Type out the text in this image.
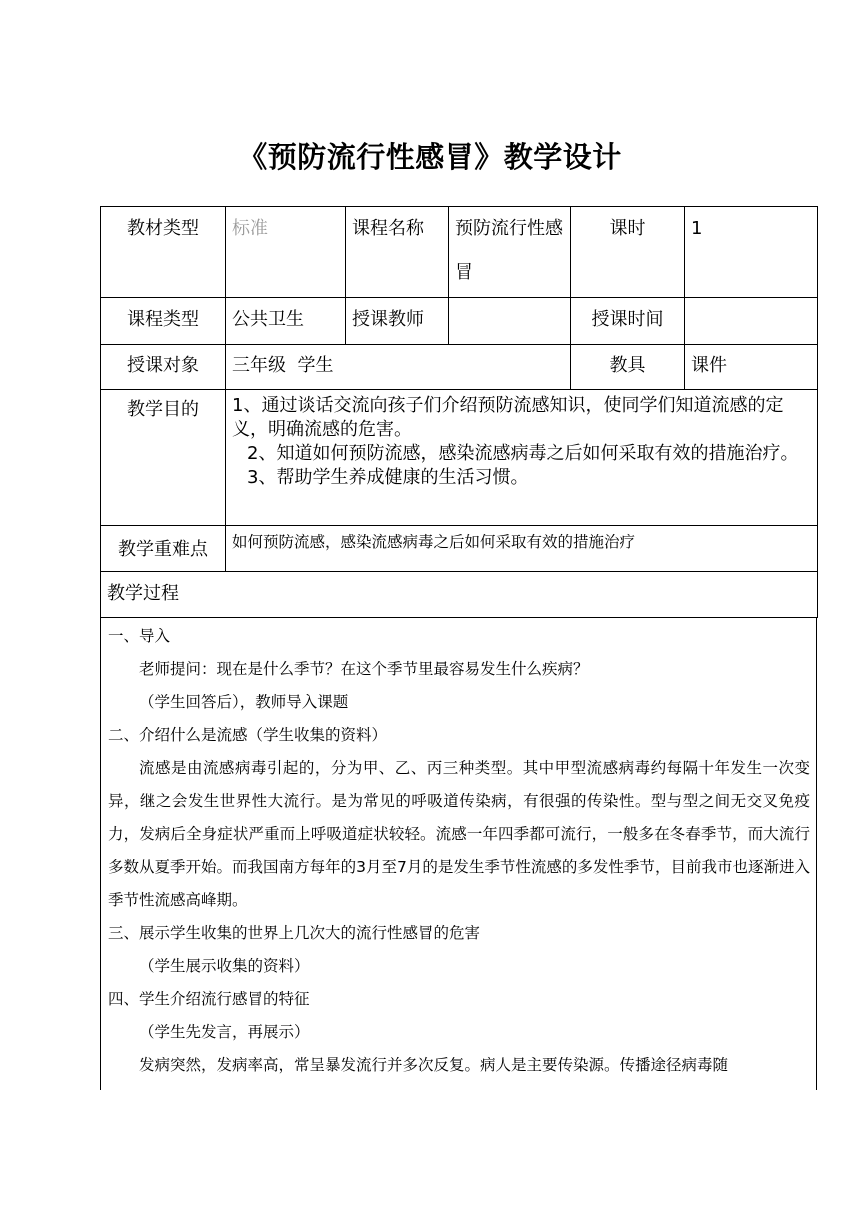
《预防流行性感冒》教学设计
教材类型	标准	课程名称	预防流行性感冒	课时	1
课程类型	公共卫生	授课教师		授课时间	
授课对象	三年级  学生			教具	课件
教学目的	1、通过谈话交流向孩子们介绍预防流感知识，使同学们知道流感的定义，明确流感的危害。
2、知道如何预防流感，感染流感病毒之后如何采取有效的措施治疗。
3、帮助学生养成健康的生活习惯。				

教学重难点	如何预防流感，感染流感病毒之后如何采取有效的措施治疗				
教学过程					

一、导入

老师提问：现在是什么季节？在这个季节里最容易发生什么疾病？

（学生回答后），教师导入课题

二、介绍什么是流感（学生收集的资料）

流感是由流感病毒引起的，分为甲、乙、丙三种类型。其中甲型流感病毒约每隔十年发生一次变异，继之会发生世界性大流行。是为常见的呼吸道传染病，有很强的传染性。型与型之间无交叉免疫力，发病后全身症状严重而上呼吸道症状较轻。流感一年四季都可流行，一般多在冬春季节，而大流行多数从夏季开始。而我国南方每年的3月至7月的是发生季节性流感的多发性季节，目前我市也逐渐进入季节性流感高峰期。

三、展示学生收集的世界上几次大的流行性感冒的危害

（学生展示收集的资料）

四、学生介绍流行感冒的特征

（学生先发言，再展示）

发病突然，发病率高，常呈暴发流行并多次反复。病人是主要传染源。传播途径病毒随
